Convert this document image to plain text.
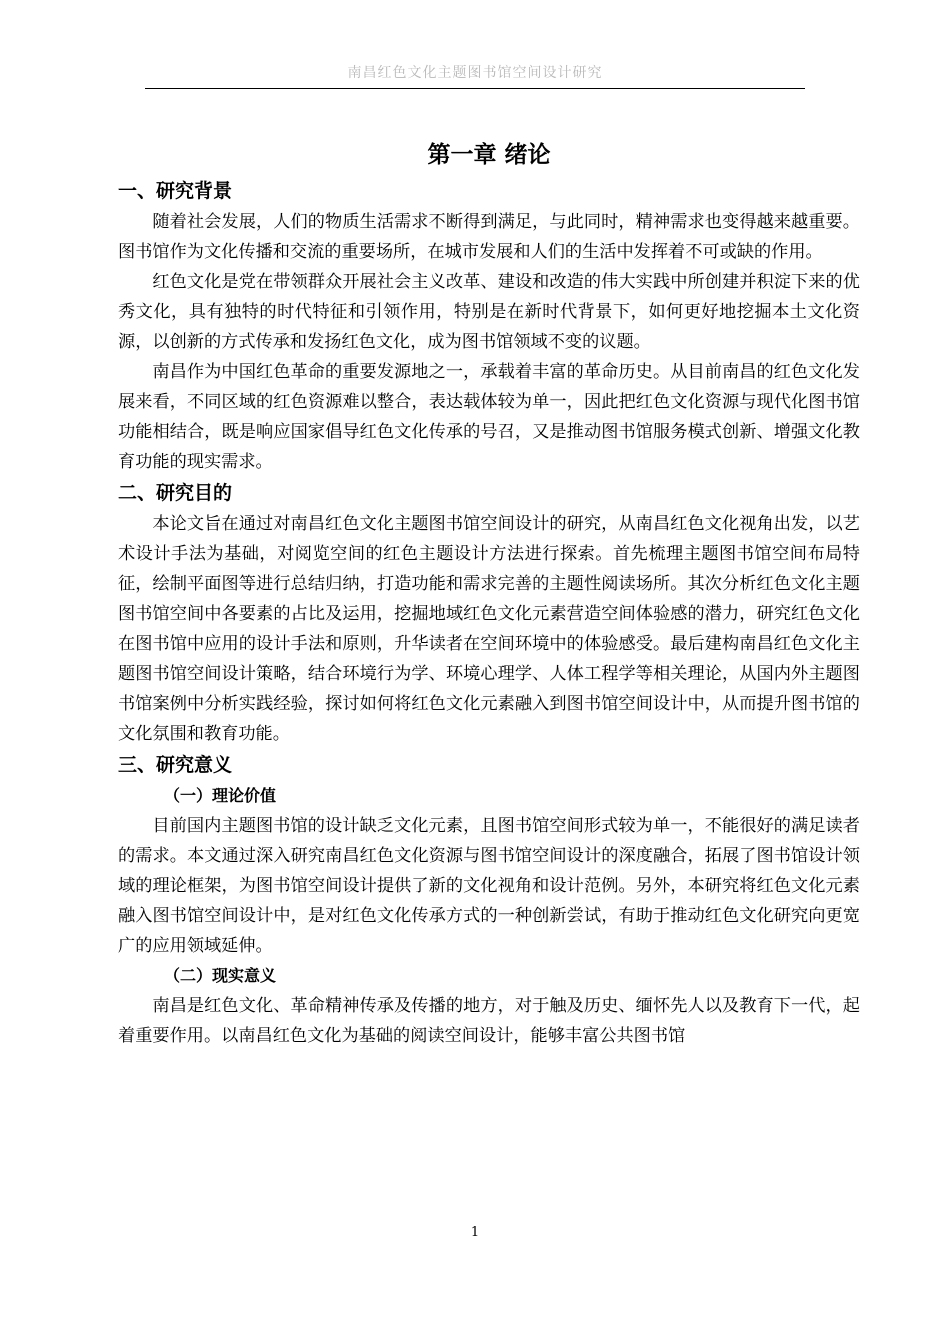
南昌红色文化主题图书馆空间设计研究
第一章 绪论
一、研究背景

随着社会发展，人们的物质生活需求不断得到满足，与此同时，精神需求也变得越来越重要。图书馆作为文化传播和交流的重要场所，在城市发展和人们的生活中发挥着不可或缺的作用。

红色文化是党在带领群众开展社会主义改革、建设和改造的伟大实践中所创建并积淀下来的优秀文化，具有独特的时代特征和引领作用，特别是在新时代背景下，如何更好地挖掘本土文化资源，以创新的方式传承和发扬红色文化，成为图书馆领域不变的议题。

南昌作为中国红色革命的重要发源地之一，承载着丰富的革命历史。从目前南昌的红色文化发展来看，不同区域的红色资源难以整合，表达载体较为单一，因此把红色文化资源与现代化图书馆功能相结合，既是响应国家倡导红色文化传承的号召，又是推动图书馆服务模式创新、增强文化教育功能的现实需求。

二、研究目的

本论文旨在通过对南昌红色文化主题图书馆空间设计的研究，从南昌红色文化视角出发，以艺术设计手法为基础，对阅览空间的红色主题设计方法进行探索。首先梳理主题图书馆空间布局特征，绘制平面图等进行总结归纳，打造功能和需求完善的主题性阅读场所。其次分析红色文化主题图书馆空间中各要素的占比及运用，挖掘地域红色文化元素营造空间体验感的潜力，研究红色文化在图书馆中应用的设计手法和原则，升华读者在空间环境中的体验感受。最后建构南昌红色文化主题图书馆空间设计策略，结合环境行为学、环境心理学、人体工程学等相关理论，从国内外主题图书馆案例中分析实践经验，探讨如何将红色文化元素融入到图书馆空间设计中，从而提升图书馆的文化氛围和教育功能。

三、研究意义
（一）理论价值

目前国内主题图书馆的设计缺乏文化元素，且图书馆空间形式较为单一，不能很好的满足读者的需求。本文通过深入研究南昌红色文化资源与图书馆空间设计的深度融合，拓展了图书馆设计领域的理论框架，为图书馆空间设计提供了新的文化视角和设计范例。另外，本研究将红色文化元素融入图书馆空间设计中，是对红色文化传承方式的一种创新尝试，有助于推动红色文化研究向更宽广的应用领域延伸。

（二）现实意义

南昌是红色文化、革命精神传承及传播的地方，对于触及历史、缅怀先人以及教育下一代，起着重要作用。以南昌红色文化为基础的阅读空间设计，能够丰富公共图书馆

1
